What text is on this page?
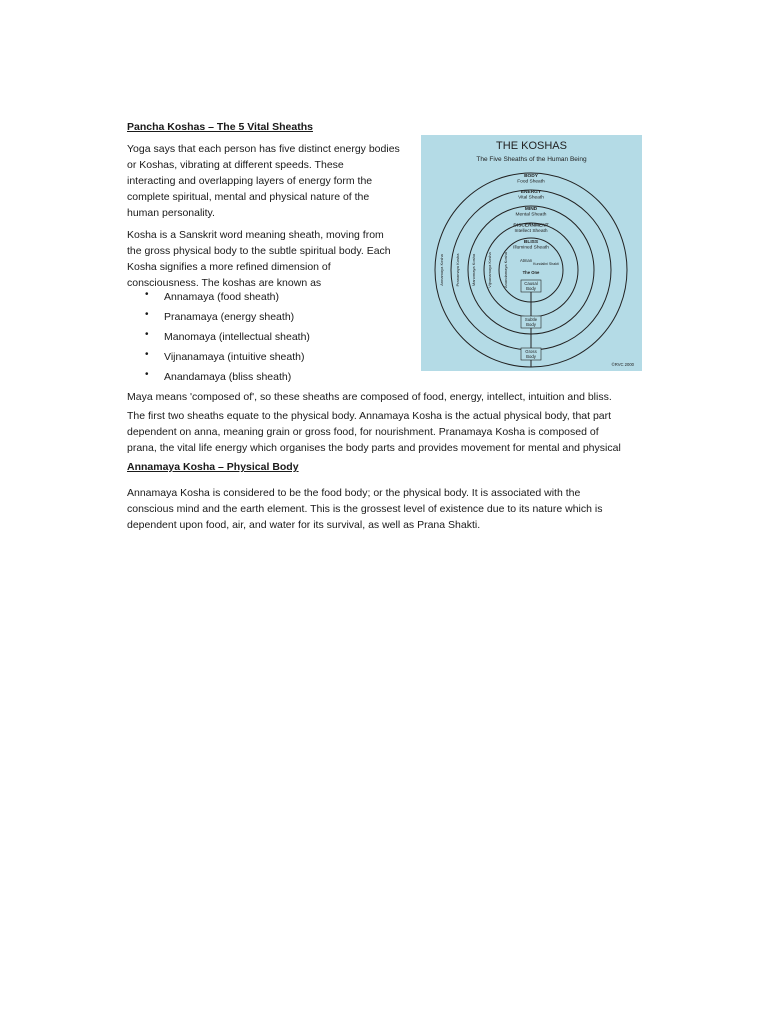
Pancha Koshas – The 5 Vital Sheaths
Yoga says that each person has five distinct energy bodies
or Koshas, vibrating at different speeds. These
interacting and overlapping layers of energy form the
complete spiritual, mental and physical nature of the
human personality.
Kosha is a Sanskrit word meaning sheath, moving from
the gross physical body to the subtle spiritual body. Each
Kosha signifies a more refined dimension of
consciousness. The koshas are known as
• Annamaya (food sheath)
• Pranamaya (energy sheath)
• Manomaya (intellectual sheath)
• Vijnanamaya (intuitive sheath)
• Anandamaya (bliss sheath)
Maya means 'composed of', so these sheaths are composed of food, energy, intellect, intuition and bliss.
The first two sheaths equate to the physical body. Annamaya Kosha is the actual physical body, that part
dependent on anna, meaning grain or gross food, for nourishment. Pranamaya Kosha is composed of
prana, the vital life energy which organises the body parts and provides movement for mental and physical
THE KOSHAS
The Five Sheaths of the Human Being
BODY
Food Sheath
ENERGY
Vital Sheath
MIND
Mental Sheath
DISCERNMENT
Intellect Sheath
BLISS
Illumined Sheath
Annamaya Kosha	Pranamaya Kosha	Manomaya Kosha	Vijnanamaya Kosha	Anandamaya Kosha	Atman
Kundalini Shakti
The One
Causal
Body
Subtle
Body
Gross
Body
©RVC 2000
Annamaya Kosha – Physical Body
Annamaya Kosha is considered to be the food body; or the physical body. It is associated with the
conscious mind and the earth element. This is the grossest level of existence due to its nature which is
dependent upon food, air, and water for its survival, as well as Prana Shakti.
